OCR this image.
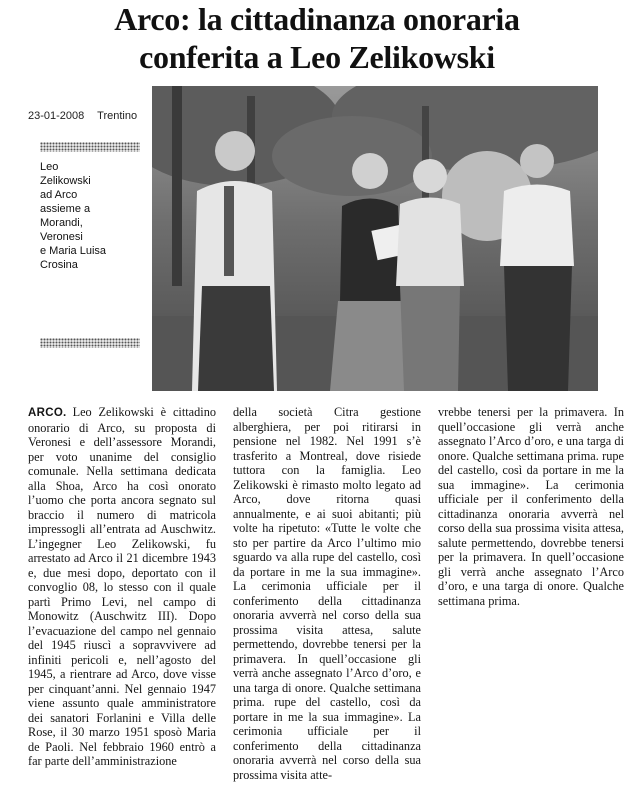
Arco: la cittadinanza onoraria
conferita a Leo Zelikowski
23-01-2008 Trentino

Leo
Zelikowski
ad Arco
assieme a
Morandi,
Veronesi
e Maria Luisa
Crosina

ARCO. Leo Zelikowski è cittadino onorario di Arco, su proposta di Veronesi e dell’assessore Morandi, per voto unanime del consiglio comunale. Nella settimana dedicata alla Shoa, Arco ha così onorato l’uomo che porta ancora segnato sul braccio il numero di matricola impressogli all’entrata ad Auschwitz. L’ingegner Leo Zelikowski, fu arrestato ad Arco il 21 dicembre 1943 e, due mesi dopo, deportato con il convoglio 08, lo stesso con il quale partì Primo Levi, nel campo di Monowitz (Auschwitz III). Dopo l’evacuazione del campo nel gennaio del 1945 riuscì a sopravvivere ad infiniti pericoli e, nell’agosto del 1945, a rientrare ad Arco, dove visse per cinquant’anni. Nel gennaio 1947 viene assunto quale amministratore dei sanatori Forlanini e Villa delle Rose, il 30 marzo 1951 sposò Maria de Paoli. Nel febbraio 1960 entrò a far parte dell’amministrazione

della società Citra gestione alberghiera, per poi ritirarsi in pensione nel 1982. Nel 1991 s’è trasferito a Montreal, dove risiede tuttora con la famiglia. Leo Zelikowski è rimasto molto legato ad Arco, dove ritorna quasi annualmente, e ai suoi abitanti; più volte ha ripetuto: «Tutte le volte che sto per partire da Arco l’ultimo mio sguardo va alla rupe del castello, così da portare in me la sua immagine». La cerimonia ufficiale per il conferimento della cittadinanza onoraria avverrà nel corso della sua prossima visita attesa, salute permettendo, dovrebbe tenersi per la primavera. In quell’occasione gli verrà anche assegnato l’Arco d’oro, e una targa di onore. Qualche settimana prima. rupe del castello, così da portare in me la sua immagine». La cerimonia ufficiale per il conferimento della cittadinanza onoraria avverrà nel corso della sua prossima visita atte-

vrebbe tenersi per la primavera. In quell’occasione gli verrà anche assegnato l’Arco d’oro, e una targa di onore. Qualche settimana prima. rupe del castello, così da portare in me la sua immagine». La cerimonia ufficiale per il conferimento della cittadinanza onoraria avverrà nel corso della sua prossima visita attesa, salute permettendo, dovrebbe tenersi per la primavera. In quell’occasione gli verrà anche assegnato l’Arco d’oro, e una targa di onore. Qualche settimana prima.
